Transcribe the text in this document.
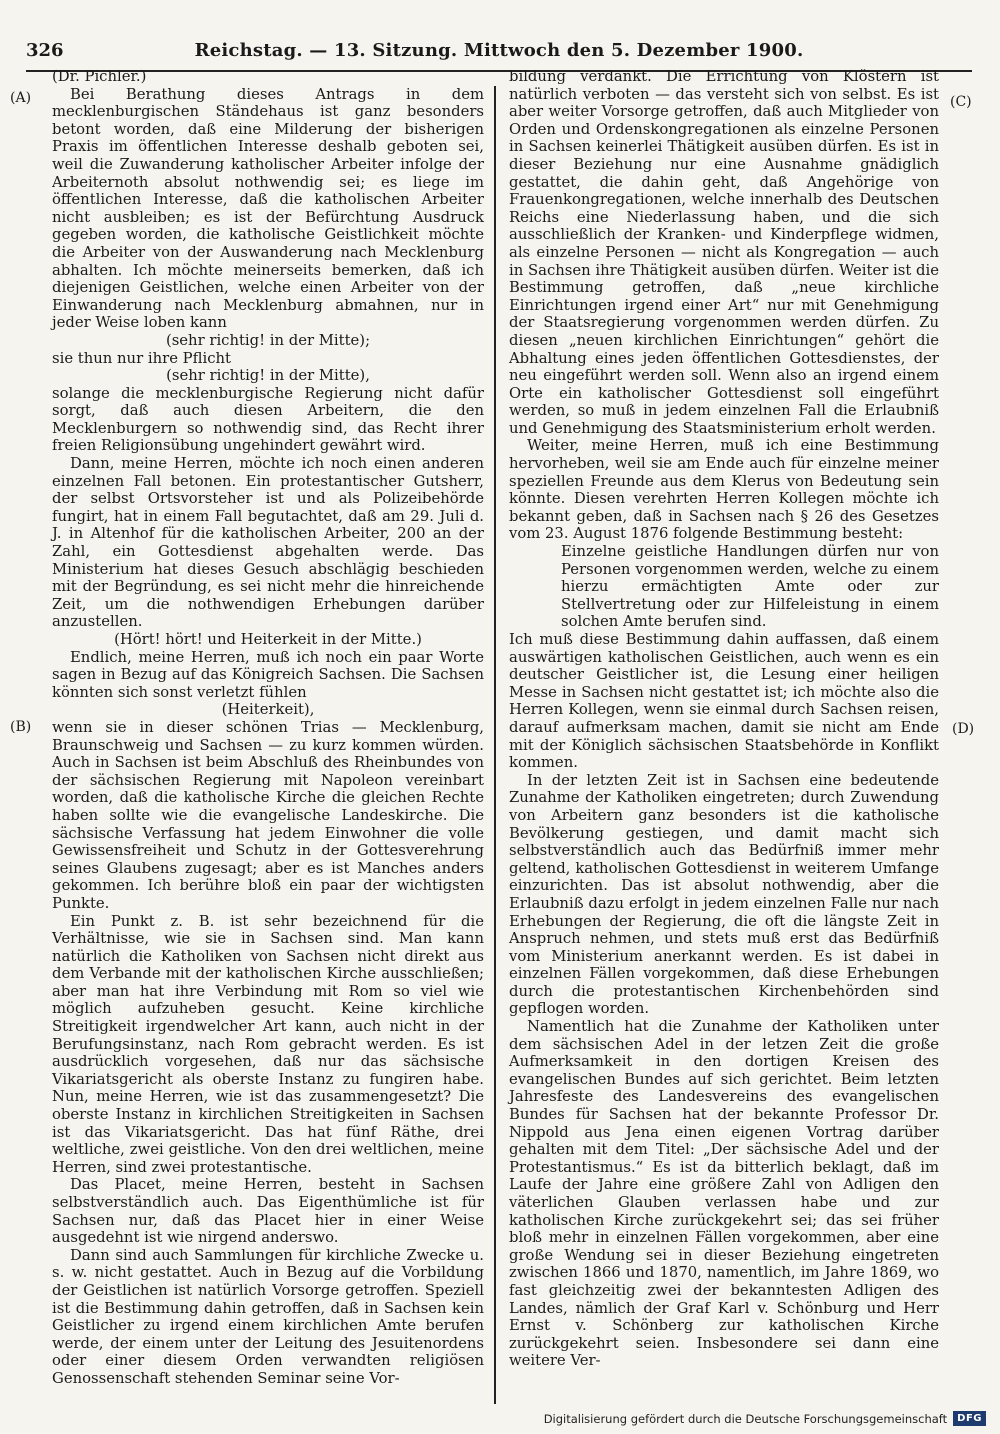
326	Reichstag. — 13. Sitzung. Mittwoch den 5. Dezember 1900.
(A)
(B)
(C)
(D)

(Dr. Pichler.)

Bei Berathung dieses Antrags in dem mecklenburgischen Ständehaus ist ganz besonders betont worden, daß eine Milderung der bisherigen Praxis im öffentlichen Interesse deshalb geboten sei, weil die Zuwanderung katholischer Arbeiter infolge der Arbeiternoth absolut nothwendig sei; es liege im öffentlichen Interesse, daß die katholischen Arbeiter nicht ausbleiben; es ist der Befürchtung Ausdruck gegeben worden, die katholische Geistlichkeit möchte die Arbeiter von der Auswanderung nach Mecklenburg abhalten. Ich möchte meinerseits bemerken, daß ich diejenigen Geistlichen, welche einen Arbeiter von der Einwanderung nach Mecklenburg abmahnen, nur in jeder Weise loben kann

(sehr richtig! in der Mitte);

sie thun nur ihre Pflicht

(sehr richtig! in der Mitte),

solange die mecklenburgische Regierung nicht dafür sorgt, daß auch diesen Arbeitern, die den Mecklenburgern so nothwendig sind, das Recht ihrer freien Religionsübung ungehindert gewährt wird.

Dann, meine Herren, möchte ich noch einen anderen einzelnen Fall betonen. Ein protestantischer Gutsherr, der selbst Ortsvorsteher ist und als Polizeibehörde fungirt, hat in einem Fall begutachtet, daß am 29. Juli d. J. in Altenhof für die katholischen Arbeiter, 200 an der Zahl, ein Gottesdienst abgehalten werde. Das Ministerium hat dieses Gesuch abschlägig beschieden mit der Begründung, es sei nicht mehr die hinreichende Zeit, um die nothwendigen Erhebungen darüber anzustellen.

(Hört! hört! und Heiterkeit in der Mitte.)

Endlich, meine Herren, muß ich noch ein paar Worte sagen in Bezug auf das Königreich Sachsen. Die Sachsen könnten sich sonst verletzt fühlen

(Heiterkeit),

wenn sie in dieser schönen Trias — Mecklenburg, Braunschweig und Sachsen — zu kurz kommen würden. Auch in Sachsen ist beim Abschluß des Rheinbundes von der sächsischen Regierung mit Napoleon vereinbart worden, daß die katholische Kirche die gleichen Rechte haben sollte wie die evangelische Landeskirche. Die sächsische Verfassung hat jedem Einwohner die volle Gewissensfreiheit und Schutz in der Gottesverehrung seines Glaubens zugesagt; aber es ist Manches anders gekommen. Ich berühre bloß ein paar der wichtigsten Punkte.

Ein Punkt z. B. ist sehr bezeichnend für die Verhältnisse, wie sie in Sachsen sind. Man kann natürlich die Katholiken von Sachsen nicht direkt aus dem Verbande mit der katholischen Kirche ausschließen; aber man hat ihre Verbindung mit Rom so viel wie möglich aufzuheben gesucht. Keine kirchliche Streitigkeit irgendwelcher Art kann, auch nicht in der Berufungsinstanz, nach Rom gebracht werden. Es ist ausdrücklich vorgesehen, daß nur das sächsische Vikariatsgericht als oberste Instanz zu fungiren habe. Nun, meine Herren, wie ist das zusammengesetzt? Die oberste Instanz in kirchlichen Streitigkeiten in Sachsen ist das Vikariatsgericht. Das hat fünf Räthe, drei weltliche, zwei geistliche. Von den drei weltlichen, meine Herren, sind zwei protestantische.

Das Placet, meine Herren, besteht in Sachsen selbstverständlich auch. Das Eigenthümliche ist für Sachsen nur, daß das Placet hier in einer Weise ausgedehnt ist wie nirgend anderswo.

Dann sind auch Sammlungen für kirchliche Zwecke u. s. w. nicht gestattet. Auch in Bezug auf die Vorbildung der Geistlichen ist natürlich Vorsorge getroffen. Speziell ist die Bestimmung dahin getroffen, daß in Sachsen kein Geistlicher zu irgend einem kirchlichen Amte berufen werde, der einem unter der Leitung des Jesuitenordens oder einer diesem Orden verwandten religiösen Genossenschaft stehenden Seminar seine Vor-

bildung verdankt. Die Errichtung von Klöstern ist natürlich verboten — das versteht sich von selbst. Es ist aber weiter Vorsorge getroffen, daß auch Mitglieder von Orden und Ordenskongregationen als einzelne Personen in Sachsen keinerlei Thätigkeit ausüben dürfen. Es ist in dieser Beziehung nur eine Ausnahme gnädiglich gestattet, die dahin geht, daß Angehörige von Frauenkongregationen, welche innerhalb des Deutschen Reichs eine Niederlassung haben, und die sich ausschließlich der Kranken- und Kinderpflege widmen, als einzelne Personen — nicht als Kongregation — auch in Sachsen ihre Thätigkeit ausüben dürfen. Weiter ist die Bestimmung getroffen, daß „neue kirchliche Einrichtungen irgend einer Art“ nur mit Genehmigung der Staatsregierung vorgenommen werden dürfen. Zu diesen „neuen kirchlichen Einrichtungen“ gehört die Abhaltung eines jeden öffentlichen Gottesdienstes, der neu eingeführt werden soll. Wenn also an irgend einem Orte ein katholischer Gottesdienst soll eingeführt werden, so muß in jedem einzelnen Fall die Erlaubniß und Genehmigung des Staatsministerium erholt werden.

Weiter, meine Herren, muß ich eine Bestimmung hervorheben, weil sie am Ende auch für einzelne meiner speziellen Freunde aus dem Klerus von Bedeutung sein könnte. Diesen verehrten Herren Kollegen möchte ich bekannt geben, daß in Sachsen nach § 26 des Gesetzes vom 23. August 1876 folgende Bestimmung besteht:

Einzelne geistliche Handlungen dürfen nur von Personen vorgenommen werden, welche zu einem hierzu ermächtigten Amte oder zur Stellvertretung oder zur Hilfeleistung in einem solchen Amte berufen sind.

Ich muß diese Bestimmung dahin auffassen, daß einem auswärtigen katholischen Geistlichen, auch wenn es ein deutscher Geistlicher ist, die Lesung einer heiligen Messe in Sachsen nicht gestattet ist; ich möchte also die Herren Kollegen, wenn sie einmal durch Sachsen reisen, darauf aufmerksam machen, damit sie nicht am Ende mit der Königlich sächsischen Staatsbehörde in Konflikt kommen.

In der letzten Zeit ist in Sachsen eine bedeutende Zunahme der Katholiken eingetreten; durch Zuwendung von Arbeitern ganz besonders ist die katholische Bevölkerung gestiegen, und damit macht sich selbstverständlich auch das Bedürfniß immer mehr geltend, katholischen Gottesdienst in weiterem Umfange einzurichten. Das ist absolut nothwendig, aber die Erlaubniß dazu erfolgt in jedem einzelnen Falle nur nach Erhebungen der Regierung, die oft die längste Zeit in Anspruch nehmen, und stets muß erst das Bedürfniß vom Ministerium anerkannt werden. Es ist dabei in einzelnen Fällen vorgekommen, daß diese Erhebungen durch die protestantischen Kirchenbehörden sind gepflogen worden.

Namentlich hat die Zunahme der Katholiken unter dem sächsischen Adel in der letzen Zeit die große Aufmerksamkeit in den dortigen Kreisen des evangelischen Bundes auf sich gerichtet. Beim letzten Jahresfeste des Landesvereins des evangelischen Bundes für Sachsen hat der bekannte Professor Dr. Nippold aus Jena einen eigenen Vortrag darüber gehalten mit dem Titel: „Der sächsische Adel und der Protestantismus.“ Es ist da bitterlich beklagt, daß im Laufe der Jahre eine größere Zahl von Adligen den väterlichen Glauben verlassen habe und zur katholischen Kirche zurückgekehrt sei; das sei früher bloß mehr in einzelnen Fällen vorgekommen, aber eine große Wendung sei in dieser Beziehung eingetreten zwischen 1866 und 1870, namentlich, im Jahre 1869, wo fast gleichzeitig zwei der bekanntesten Adligen des Landes, nämlich der Graf Karl v. Schönburg und Herr Ernst v. Schönberg zur katholischen Kirche zurückgekehrt seien. Insbesondere sei dann eine weitere Ver-

Digitalisierung gefördert durch die Deutsche Forschungsgemeinschaft	DFG
